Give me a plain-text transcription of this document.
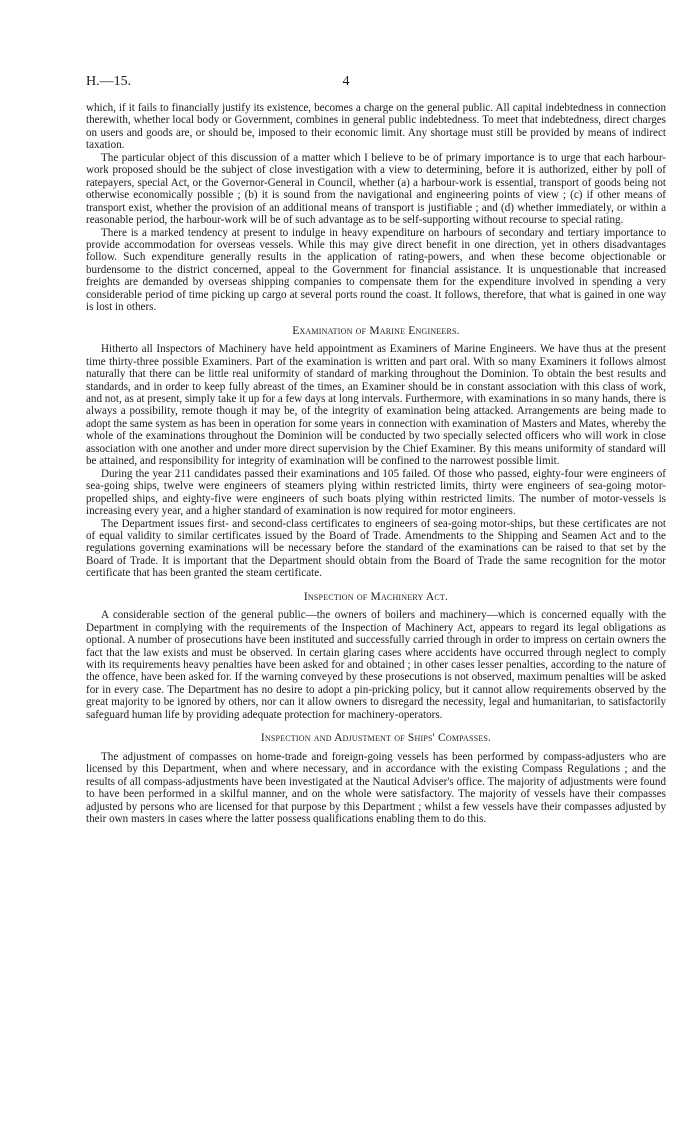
H.—15.	4

which, if it fails to financially justify its existence, becomes a charge on the general public. All capital indebtedness in connection therewith, whether local body or Government, combines in general public indebtedness. To meet that indebtedness, direct charges on users and goods are, or should be, imposed to their economic limit. Any shortage must still be provided by means of indirect taxation.

The particular object of this discussion of a matter which I believe to be of primary importance is to urge that each harbour-work proposed should be the subject of close investigation with a view to determining, before it is authorized, either by poll of ratepayers, special Act, or the Governor-General in Council, whether (a) a harbour-work is essential, transport of goods being not otherwise economically possible ; (b) it is sound from the navigational and engineering points of view ; (c) if other means of transport exist, whether the provision of an additional means of transport is justifiable ; and (d) whether immediately, or within a reasonable period, the harbour-work will be of such advantage as to be self-supporting without recourse to special rating.

There is a marked tendency at present to indulge in heavy expenditure on harbours of secondary and tertiary importance to provide accommodation for overseas vessels. While this may give direct benefit in one direction, yet in others disadvantages follow. Such expenditure generally results in the application of rating-powers, and when these become objectionable or burdensome to the district concerned, appeal to the Government for financial assistance. It is unquestionable that increased freights are demanded by overseas shipping companies to compensate them for the expenditure involved in spending a very considerable period of time picking up cargo at several ports round the coast. It follows, therefore, that what is gained in one way is lost in others.

Examination of Marine Engineers.

Hitherto all Inspectors of Machinery have held appointment as Examiners of Marine Engineers. We have thus at the present time thirty-three possible Examiners. Part of the examination is written and part oral. With so many Examiners it follows almost naturally that there can be little real uniformity of standard of marking throughout the Dominion. To obtain the best results and standards, and in order to keep fully abreast of the times, an Examiner should be in constant association with this class of work, and not, as at present, simply take it up for a few days at long intervals. Furthermore, with examinations in so many hands, there is always a possibility, remote though it may be, of the integrity of examination being attacked. Arrangements are being made to adopt the same system as has been in operation for some years in connection with examination of Masters and Mates, whereby the whole of the examinations throughout the Dominion will be conducted by two specially selected officers who will work in close association with one another and under more direct supervision by the Chief Examiner. By this means uniformity of standard will be attained, and responsibility for integrity of examination will be confined to the narrowest possible limit.

During the year 211 candidates passed their examinations and 105 failed. Of those who passed, eighty-four were engineers of sea-going ships, twelve were engineers of steamers plying within restricted limits, thirty were engineers of sea-going motor-propelled ships, and eighty-five were engineers of such boats plying within restricted limits. The number of motor-vessels is increasing every year, and a higher standard of examination is now required for motor engineers.

The Department issues first- and second-class certificates to engineers of sea-going motor-ships, but these certificates are not of equal validity to similar certificates issued by the Board of Trade. Amendments to the Shipping and Seamen Act and to the regulations governing examinations will be necessary before the standard of the examinations can be raised to that set by the Board of Trade. It is important that the Department should obtain from the Board of Trade the same recognition for the motor certificate that has been granted the steam certificate.

Inspection of Machinery Act.

A considerable section of the general public—the owners of boilers and machinery—which is concerned equally with the Department in complying with the requirements of the Inspection of Machinery Act, appears to regard its legal obligations as optional. A number of prosecutions have been instituted and successfully carried through in order to impress on certain owners the fact that the law exists and must be observed. In certain glaring cases where accidents have occurred through neglect to comply with its requirements heavy penalties have been asked for and obtained ; in other cases lesser penalties, according to the nature of the offence, have been asked for. If the warning conveyed by these prosecutions is not observed, maximum penalties will be asked for in every case. The Department has no desire to adopt a pin-pricking policy, but it cannot allow requirements observed by the great majority to be ignored by others, nor can it allow owners to disregard the necessity, legal and humanitarian, to satisfactorily safeguard human life by providing adequate protection for machinery-operators.

Inspection and Adjustment of Ships' Compasses.

The adjustment of compasses on home-trade and foreign-going vessels has been performed by compass-adjusters who are licensed by this Department, when and where necessary, and in accordance with the existing Compass Regulations ; and the results of all compass-adjustments have been investigated at the Nautical Adviser's office. The majority of adjustments were found to have been performed in a skilful manner, and on the whole were satisfactory. The majority of vessels have their compasses adjusted by persons who are licensed for that purpose by this Department ; whilst a few vessels have their compasses adjusted by their own masters in cases where the latter possess qualifications enabling them to do this.
